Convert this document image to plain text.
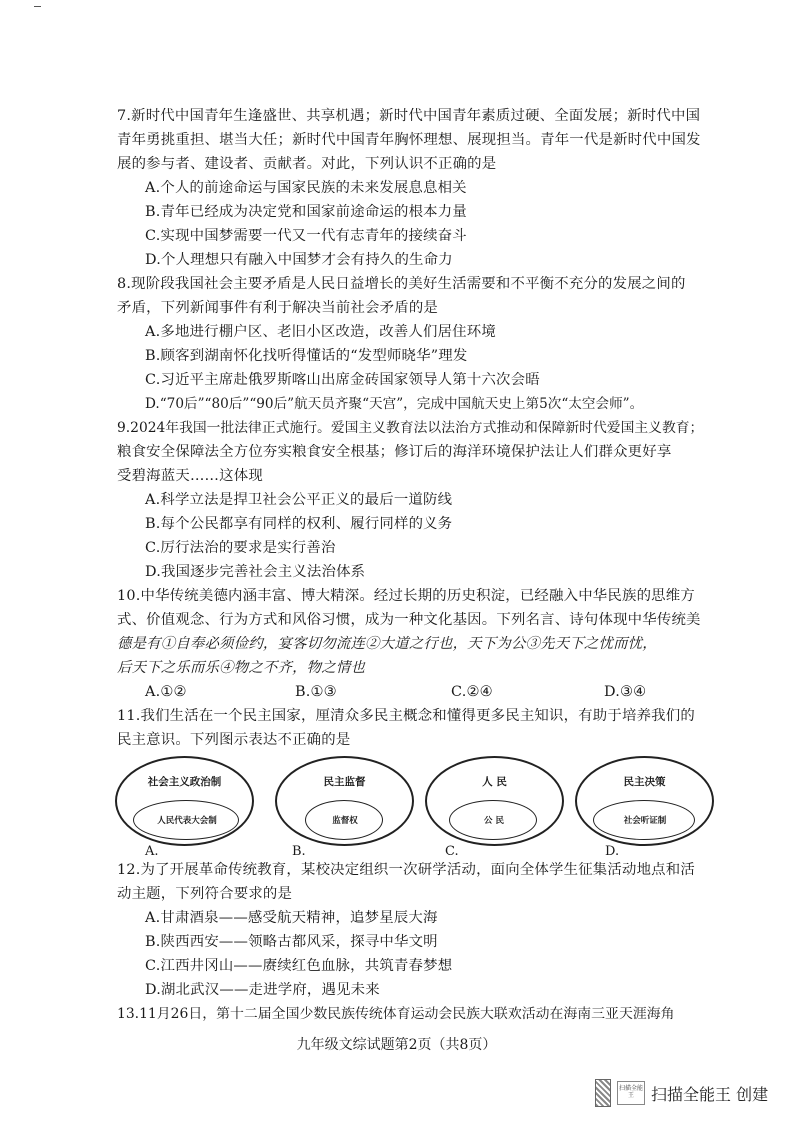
7.新时代中国青年生逢盛世、共享机遇；新时代中国青年素质过硬、全面发展；新时代中国
青年勇挑重担、堪当大任；新时代中国青年胸怀理想、展现担当。青年一代是新时代中国发
展的参与者、建设者、贡献者。对此，下列认识不正确的是
A.个人的前途命运与国家民族的未来发展息息相关
B.青年已经成为决定党和国家前途命运的根本力量
C.实现中国梦需要一代又一代有志青年的接续奋斗
D.个人理想只有融入中国梦才会有持久的生命力
8.现阶段我国社会主要矛盾是人民日益增长的美好生活需要和不平衡不充分的发展之间的
矛盾，下列新闻事件有利于解决当前社会矛盾的是
A.多地进行棚户区、老旧小区改造，改善人们居住环境
B.顾客到湖南怀化找听得懂话的“发型师晓华”理发
C.习近平主席赴俄罗斯喀山出席金砖国家领导人第十六次会晤
D.“70后”“80后”“90后”航天员齐聚“天宫”，完成中国航天史上第5次“太空会师”。
9.2024年我国一批法律正式施行。爱国主义教育法以法治方式推动和保障新时代爱国主义教育；
粮食安全保障法全方位夯实粮食安全根基；修订后的海洋环境保护法让人们群众更好享
受碧海蓝天……这体现
A.科学立法是捍卫社会公平正义的最后一道防线
B.每个公民都享有同样的权利、履行同样的义务
C.厉行法治的要求是实行善治
D.我国逐步完善社会主义法治体系
10.中华传统美德内涵丰富、博大精深。经过长期的历史积淀，已经融入中华民族的思维方
式、价值观念、行为方式和风俗习惯，成为一种文化基因。下列名言、诗句体现中华传统美
德是有①自奉必须俭约，宴客切勿流连②大道之行也，天下为公③先天下之忧而忧，
后天下之乐而乐④物之不齐，物之情也
A.①②	B.①③	C.②④	D.③④
11.我们生活在一个民主国家，厘清众多民主概念和懂得更多民主知识，有助于培养我们的
民主意识。下列图示表达不正确的是
社会主义政治制
人民代表大会制
A.
民主监督
监督权
B.
人 民
公 民
C.
民主决策
社会听证制
D.
12.为了开展革命传统教育，某校决定组织一次研学活动，面向全体学生征集活动地点和活
动主题，下列符合要求的是
A.甘肃酒泉——感受航天精神，追梦星辰大海
B.陕西西安——领略古都风采，探寻中华文明
C.江西井冈山——赓续红色血脉，共筑青春梦想
D.湖北武汉——走进学府，遇见未来
13.11月26日，第十二届全国少数民族传统体育运动会民族大联欢活动在海南三亚天涯海角
九年级文综试题第2页（共8页）
扫描全能王	扫描全能王 创建
